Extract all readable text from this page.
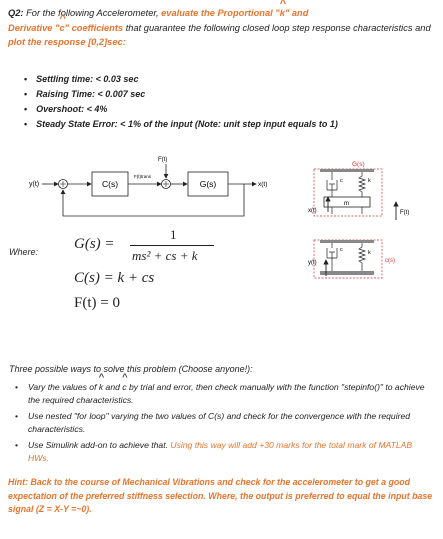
Q2: For the following Accelerometer, evaluate the Proportional "^ k" and
Derivative "^ c" coefficients that guarantee the following closed loop step response characteristics and plot the response [0,2]sec:
• Settling time: < 0.03 sec
• Raising Time: < 0.007 sec
• Overshoot: < 4%
• Steady State Error: < 1% of the input (Note: unit step input equals to 1)
y(t)	C(s)
F(t)trans
F(t)
G(s)	x(t)
G(s)
c	k
m
x(t)	F(t)
c(s)
c	k
y(t)
Where: G(s) =
1
ms² + cs + k
C(s) = k + cs
F(t) = 0
Three possible ways to solve this problem (Choose anyone!):
• Vary the values of ^ k and ^ c by trial and error, then check manually with the function "stepinfo()" to achieve the required characteristics.
• Use nested "for loop" varying the two values of C(s) and check for the convergence with the required characteristics.
• Use Simulink add-on to achieve that. Using this way will add +30 marks for the total mark of MATLAB HWs.
Hint: Back to the course of Mechanical Vibrations and check for the accelerometer to get a good expectation of the preferred stiffness selection. Where, the output is preferred to equal the input base signal (Z = X-Y =~0).
